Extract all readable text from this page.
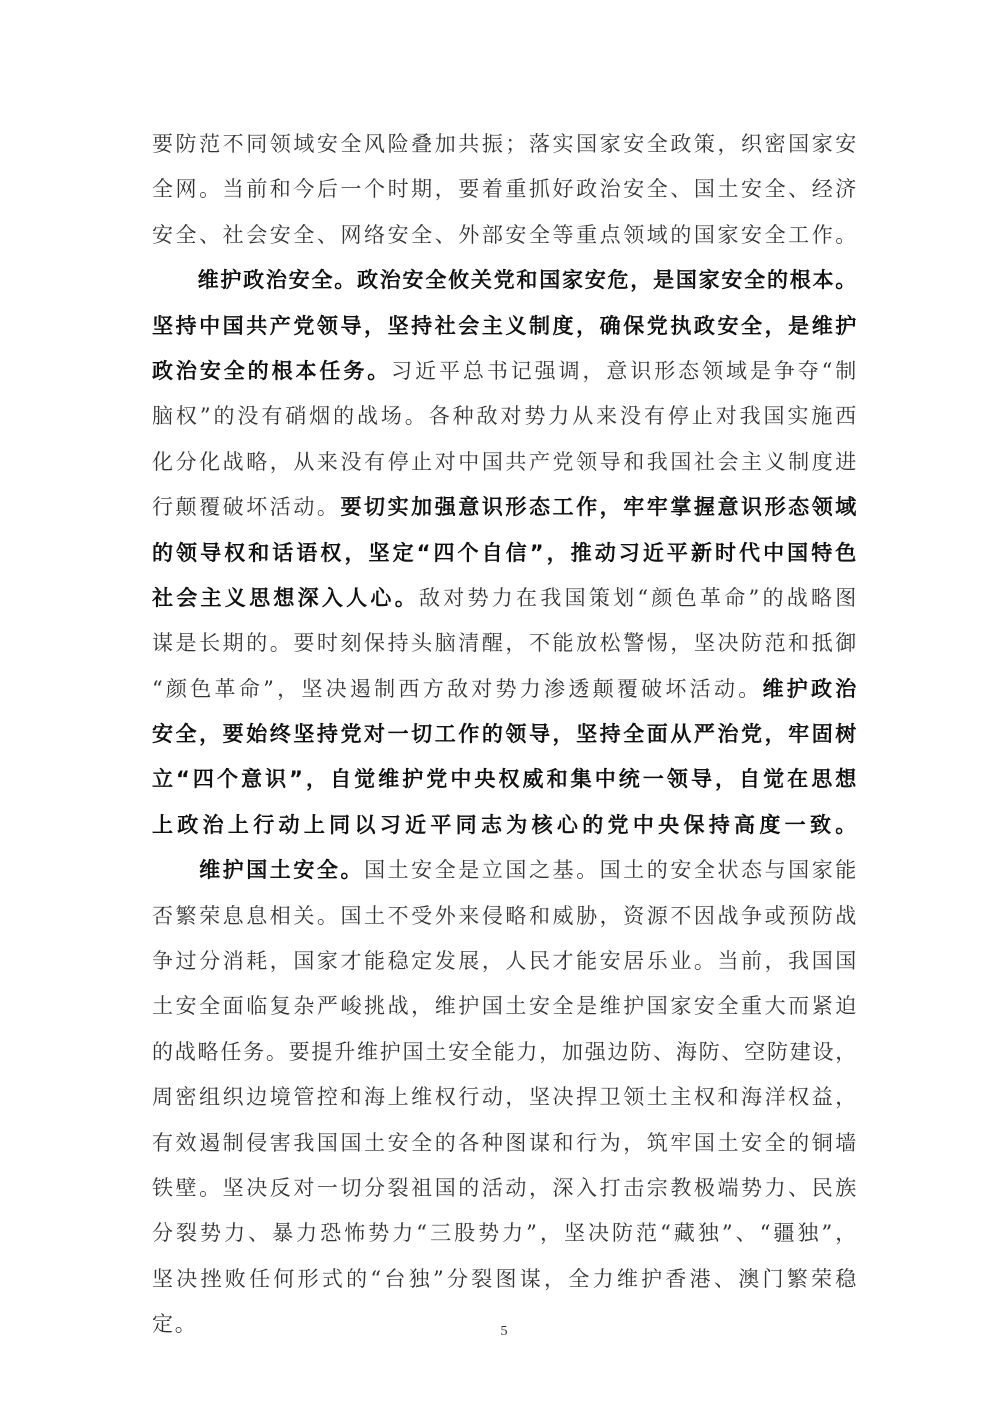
要防范不同领域安全风险叠加共振；落实国家安全政策，织密国家安
全网。当前和今后一个时期，要着重抓好政治安全、国土安全、经济
安全、社会安全、网络安全、外部安全等重点领域的国家安全工作。
　　维护政治安全。政治安全攸关党和国家安危，是国家安全的根本。
坚持中国共产党领导，坚持社会主义制度，确保党执政安全，是维护
政治安全的根本任务。习近平总书记强调，意识形态领域是争夺“制
脑权”的没有硝烟的战场。各种敌对势力从来没有停止对我国实施西
化分化战略，从来没有停止对中国共产党领导和我国社会主义制度进
行颠覆破坏活动。要切实加强意识形态工作，牢牢掌握意识形态领域
的领导权和话语权，坚定“四个自信”，推动习近平新时代中国特色
社会主义思想深入人心。敌对势力在我国策划“颜色革命”的战略图
谋是长期的。要时刻保持头脑清醒，不能放松警惕，坚决防范和抵御
“颜色革命”，坚决遏制西方敌对势力渗透颠覆破坏活动。维护政治
安全，要始终坚持党对一切工作的领导，坚持全面从严治党，牢固树
立“四个意识”，自觉维护党中央权威和集中统一领导，自觉在思想
上政治上行动上同以习近平同志为核心的党中央保持高度一致。
　　维护国土安全。国土安全是立国之基。国土的安全状态与国家能
否繁荣息息相关。国土不受外来侵略和威胁，资源不因战争或预防战
争过分消耗，国家才能稳定发展，人民才能安居乐业。当前，我国国
土安全面临复杂严峻挑战，维护国土安全是维护国家安全重大而紧迫
的战略任务。要提升维护国土安全能力，加强边防、海防、空防建设，
周密组织边境管控和海上维权行动，坚决捍卫领土主权和海洋权益，
有效遏制侵害我国国土安全的各种图谋和行为，筑牢国土安全的铜墙
铁壁。坚决反对一切分裂祖国的活动，深入打击宗教极端势力、民族
分裂势力、暴力恐怖势力“三股势力”，坚决防范“藏独”、“疆独”，
坚决挫败任何形式的“台独”分裂图谋，全力维护香港、澳门繁荣稳
定。	5
